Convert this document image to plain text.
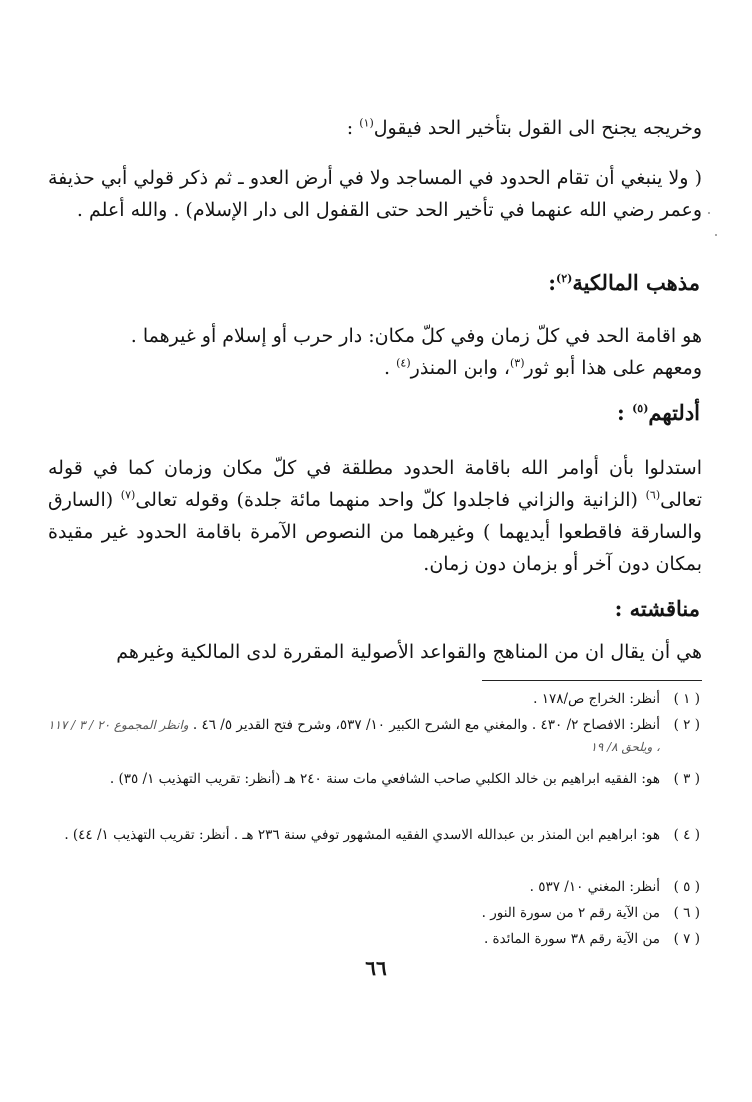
وخريجه يجنح الى القول بتأخير الحد فيقول$^{(١)}$ :

( ولا ينبغي أن تقام الحدود في المساجد ولا في أرض العدو ـ ثم ذكر قولي أبي حذيفة وعمر رضي الله عنهما في تأخير الحد حتى القفول الى دار الإسلام) . والله أعلم .

مذهب المالكية$^{(٢)}$:

هو اقامة الحد في كلّ زمان وفي كلّ مكان: دار حرب أو إسلام أو غيرهما .
ومعهم على هذا أبو ثور$^{(٣)}$، وابن المنذر$^{(٤)}$ .

أدلتهم$^{(٥)}$ :

استدلوا بأن أوامر الله باقامة الحدود مطلقة في كلّ مكان وزمان كما في قوله تعالى$^{(٦)}$ (الزانية والزاني فاجلدوا كلّ واحد منهما مائة جلدة) وقوله تعالى$^{(٧)}$ (السارق والسارقة فاقطعوا أيديهما ) وغيرهما من النصوص الآمرة باقامة الحدود غير مقيدة بمكان دون آخر أو بزمان دون زمان.

مناقشته :

هي أن يقال ان من المناهج والقواعد الأصولية المقررة لدى المالكية وغيرهم

( ١ )
أنظر: الخراج ص/١٧٨ .
( ٢ )
أنظر: الافصاح ٢/ ٤٣٠ . والمغني مع الشرح الكبير ١٠/ ٥٣٧، وشرح فتح القدير ٥/ ٤٦ . وانظر المجموع ٢٠ / ٣ / ١١٧ ، ويلحق ٨/ ١٩
( ٣ )
هو: الفقيه ابراهيم بن خالد الكلبي صاحب الشافعي مات سنة ٢٤٠ هـ (أنظر: تقريب التهذيب ١/ ٣٥) .
( ٤ )
هو: ابراهيم ابن المنذر بن عبدالله الاسدي الفقيه المشهور توفي سنة ٢٣٦ هـ . أنظر: تقريب التهذيب ١/ ٤٤) .
( ٥ )
أنظر: المغني ١٠/ ٥٣٧ .
( ٦ )
من الآية رقم ٢ من سورة النور .
( ٧ )
من الآية رقم ٣٨ سورة المائدة .
٦٦
